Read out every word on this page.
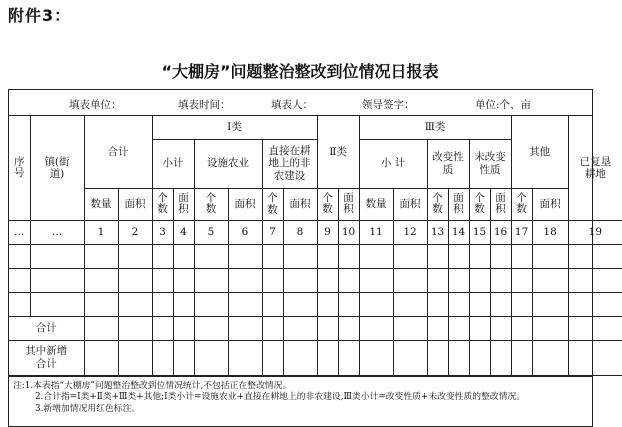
附件3：
“大棚房”问题整治整改到位情况日报表
填表单位：	填表时间：	填表人：	领导签字：	单位:个、亩
序号	镇(街道)	合计		Ⅰ类						Ⅱ类		Ⅲ类						其他		已复垦耕地

				小计		设施农业		直接在耕地上的非农建设				小 计		改变性质		未改变性质				

		数量	面积	个数	面积	个数	面积	个数	面积	个数	面积	数量	面积	个数	面积	个数	面积	个数	面积	
…	…	1	2	3	4	5	6	7	8	9	10	11	12	13	14	15	16	17	18	19

合计																				

其中新增合计																				

注:1.本表指“大棚房”问题整治整改到位情况统计,不包括正在整改情况。
2.合计指=Ⅰ类+Ⅱ类+Ⅲ类+其他;Ⅰ类小计=设施农业+直接在耕地上的非农建设,Ⅲ类小计=改变性质+未改变性质的整改情况。
3.新增加情况用红色标注。
